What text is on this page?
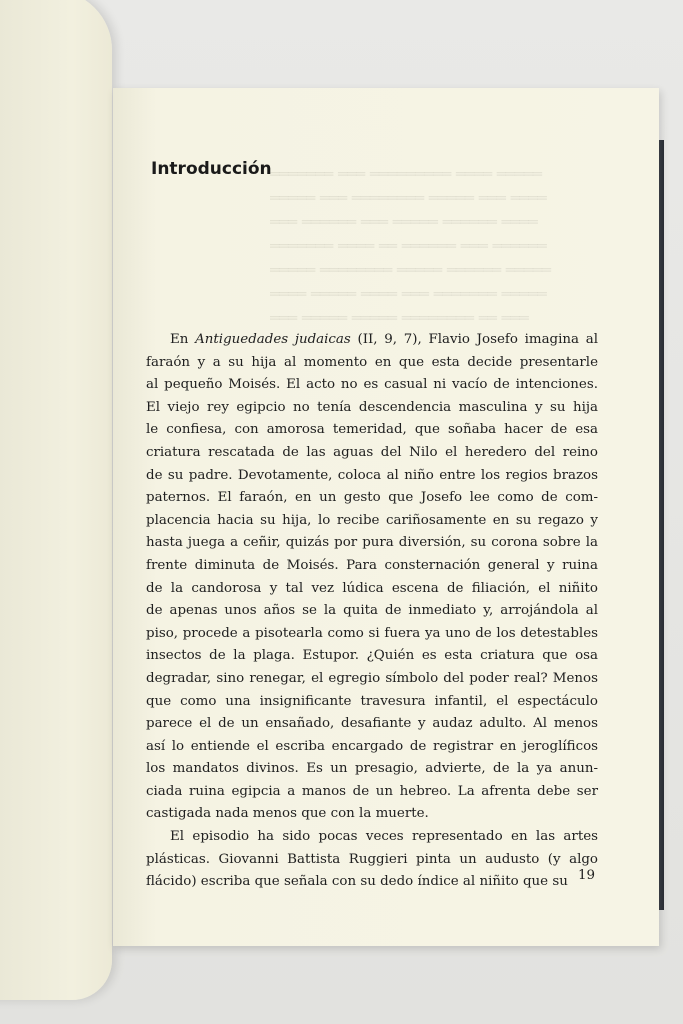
═══════ ═══ ═════════ ════ ═════
═════ ═══ ════════ ═════ ═══ ════
═══ ══════ ═══ ═════ ══════ ════
═══════ ════ ══ ══════ ═══ ══════
═════ ════════ ═════ ══════ ═════
════ ═════ ════ ═══ ═══════ ═════
═══ ═════ ═════ ════════ ══ ═══
Introducción

En Antiguedades judaicas (II, 9, 7), Flavio Josefo imagina al
faraón y a su hija al momento en que esta decide presentarle
al pequeño Moisés. El acto no es casual ni vacío de intenciones.
El viejo rey egipcio no tenía descendencia masculina y su hija
le confiesa, con amorosa temeridad, que soñaba hacer de esa
criatura rescatada de las aguas del Nilo el heredero del reino
de su padre. Devotamente, coloca al niño entre los regios brazos
paternos. El faraón, en un gesto que Josefo lee como de com-
placencia hacia su hija, lo recibe cariñosamente en su regazo y
hasta juega a ceñir, quizás por pura diversión, su corona sobre la
frente diminuta de Moisés. Para consternación general y ruina
de la candorosa y tal vez lúdica escena de filiación, el niñito
de apenas unos años se la quita de inmediato y, arrojándola al
piso, procede a pisotearla como si fuera ya uno de los detestables
insectos de la plaga. Estupor. ¿Quién es esta criatura que osa
degradar, sino renegar, el egregio símbolo del poder real? Menos
que como una insignificante travesura infantil, el espectáculo
parece el de un ensañado, desafiante y audaz adulto. Al menos
así lo entiende el escriba encargado de registrar en jeroglíficos
los mandatos divinos. Es un presagio, advierte, de la ya anun-
ciada ruina egipcia a manos de un hebreo. La afrenta debe ser
castigada nada menos que con la muerte.

El episodio ha sido pocas veces representado en las artes
plásticas. Giovanni Battista Ruggieri pinta un audusto (y algo
flácido) escriba que señala con su dedo índice al niñito que su 19
